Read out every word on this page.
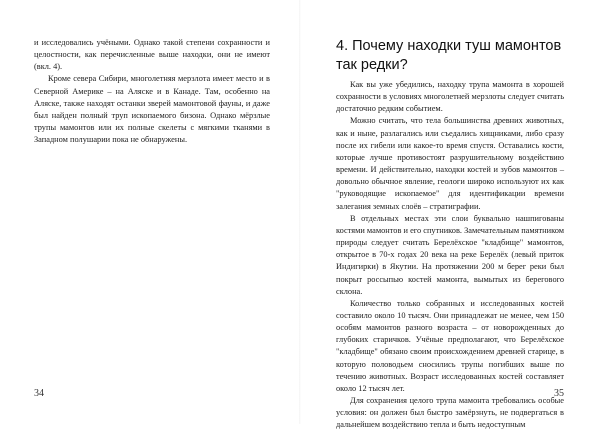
и исследовались учёными. Однако такой степени сохранности и целостности, как перечисленные выше находки, они не имеют (вкл. 4).

Кроме севера Сибири, многолетняя мерзлота имеет место и в Северной Америке – на Аляске и в Канаде. Там, особенно на Аляске, также находят останки зверей мамонтовой фауны, и даже был найден полный труп ископаемого бизона. Однако мёрзлые трупы мамонтов или их полные скелеты с мягкими тканями в Западном полушарии пока не обнаружены.

34
4. Почему находки туш мамонтов так редки?

Как вы уже убедились, находку трупа мамонта в хорошей сохранности в условиях многолетней мерзлоты следует считать достаточно редким событием.

Можно считать, что тела большинства древних животных, как и ныне, разлагались или съедались хищниками, либо сразу после их гибели или какое-то время спустя. Оставались кости, которые лучше противостоят разрушительному воздействию времени. И действительно, находки костей и зубов мамонтов – довольно обычное явление, геологи широко используют их как "руководящие ископаемое" для идентификации времени залегания земных слоёв – стратиграфии.

В отдельных местах эти слои буквально нашпигованы костями мамонтов и его спутников. Замечательным памятником природы следует считать Берелёхское "кладбище" мамонтов, открытое в 70-х годах 20 века на реке Берелёх (левый приток Индигирки) в Якутии. На протяжении 200 м берег реки был покрыт россыпью костей мамонта, вымытых из берегового склона.

Количество только собранных и исследованных костей составило около 10 тысяч. Они принадлежат не менее, чем 150 особям мамонтов разного возраста – от новорожденных до глубоких старичков. Учёные предполагают, что Берелёхское "кладбище" обязано своим происхождением древней старице, в которую половодьем сносились трупы погибших выше по течению животных. Возраст исследованных костей составляет около 12 тысяч лет.

Для сохранения целого трупа мамонта требовались особые условия: он должен был быстро замёрзнуть, не подвергаться в дальнейшем воздействию тепла и быть недоступным

35
